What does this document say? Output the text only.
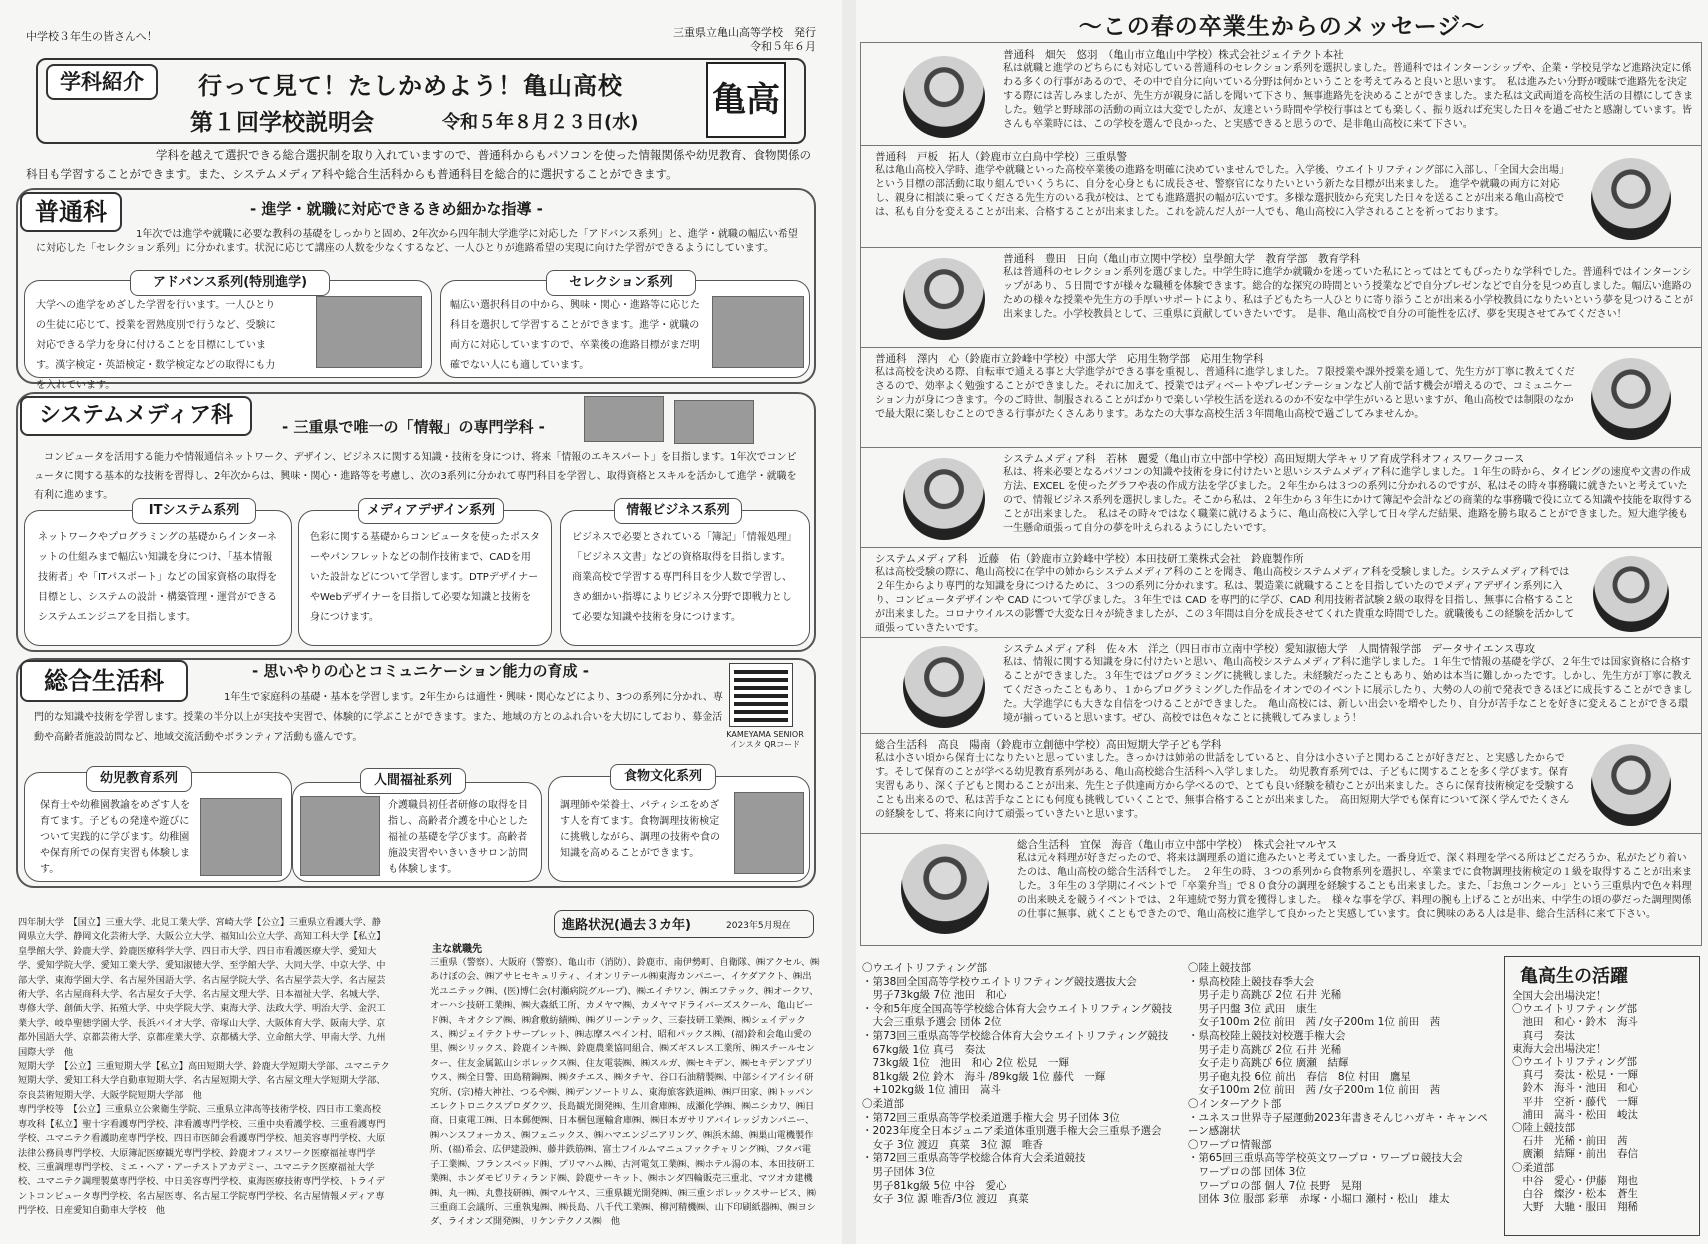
中学校３年生の皆さんへ！	三重県立亀山高等学校　発行
令和５年６月
学科紹介	行って見て！たしかめよう！亀山高校
第１回学校説明会	令和５年８月２３日(水)
亀高
学科を越えて選択できる総合選択制を取り入れていますので、普通科からもパソコンを使った情報関係や幼児教育、食物関係の科目も学習することができます。また、システムメディア科や総合生活科からも普通科目を総合的に選択することができます。
普通科	- 進学・就職に対応できるきめ細かな指導 -
1年次では進学や就職に必要な教科の基礎をしっかりと固め、2年次から四年制大学進学に対応した「アドバンス系列」と、進学・就職の幅広い希望に対応した「セレクション系列」に分かれます。状況に応じて講座の人数を少なくするなど、一人ひとりが進路希望の実現に向けた学習ができるようにしています。
アドバンス系列(特別進学)
大学への進学をめざした学習を行います。一人ひとりの生徒に応じて、授業を習熟度別で行うなど、受験に対応できる学力を身に付けることを目標にしています。漢字検定・英語検定・数学検定などの取得にも力を入れています。
セレクション系列
幅広い選択科目の中から、興味・関心・進路等に応じた科目を選択して学習することができます。進学・就職の両方に対応していますので、卒業後の進路目標がまだ明確でない人にも適しています。
システムメディア科	- 三重県で唯一の「情報」の専門学科 -
コンピュータを活用する能力や情報通信ネットワーク、デザイン、ビジネスに関する知識・技術を身につけ、将来「情報のエキスパート」を目指します。1年次でコンピュータに関する基本的な技術を習得し、2年次からは、興味・関心・進路等を考慮し、次の3系列に分かれて専門科目を学習し、取得資格とスキルを活かして進学・就職を有利に進めます。
ITシステム系列
ネットワークやプログラミングの基礎からインターネットの仕組みまで幅広い知識を身につけ、「基本情報技術者」や「ITパスポート」などの国家資格の取得を目標とし、システムの設計・構築管理・運営ができるシステムエンジニアを目指します。
メディアデザイン系列
色彩に関する基礎からコンピュータを使ったポスターやパンフレットなどの制作技術まで、CADを用いた設計などについて学習します。DTPデザイナーやWebデザイナーを目指して必要な知識と技術を身につけます。
情報ビジネス系列
ビジネスで必要とされている「簿記」「情報処理」「ビジネス文書」などの資格取得を目指します。商業高校で学習する専門科目を少人数で学習し、きめ細かい指導によりビジネス分野で即戦力として必要な知識や技術を身につけます。
総合生活科	- 思いやりの心とコミュニケーション能力の育成 -
1年生で家庭科の基礎・基本を学習します。2年生からは適性・興味・関心などにより、3つの系列に分かれ、専門的な知識や技術を学習します。授業の半分以上が実技や実習で、体験的に学ぶことができます。また、地域の方とのふれ合いを大切にしており、募金活動や高齢者施設訪問など、地域交流活動やボランティア活動も盛んです。	KAMEYAMA SENIOR
インスタ QRコード
幼児教育系列
保育士や幼稚園教諭をめざす人を育てます。子どもの発達や遊びについて実践的に学びます。幼稚園や保育所での保育実習も体験します。
人間福祉系列
介護職員初任者研修の取得を目指し、高齢者介護を中心とした福祉の基礎を学びます。高齢者施設実習やいきいきサロン訪問も体験します。
食物文化系列
調理師や栄養士、パティシエをめざす人を育てます。食物調理技術検定に挑戦しながら、調理の技術や食の知識を高めることができます。
四年制大学　【国立】三重大学、北見工業大学、宮崎大学【公立】三重県立看護大学、静岡県立大学、静岡文化芸術大学、大阪公立大学、福知山公立大学、高知工科大学【私立】皇學館大学、鈴鹿大学、鈴鹿医療科学大学、四日市大学、四日市看護医療大学、愛知大学、愛知学院大学、愛知工業大学、愛知淑徳大学、至学館大学、大同大学、中京大学、中部大学、東海学園大学、名古屋外国語大学、名古屋学院大学、名古屋学芸大学、名古屋芸術大学、名古屋商科大学、名古屋女子大学、名古屋文理大学、日本福祉大学、名城大学、専修大学、創価大学、拓殖大学、中央学院大学、東海大学、法政大学、明治大学、金沢工業大学、岐阜聖徳学園大学、長浜バイオ大学、帝塚山大学、大阪体育大学、阪南大学、京都外国語大学、京都芸術大学、京都産業大学、京都橘大学、立命館大学、甲南大学、九州国際大学　他
短期大学　【公立】三重短期大学【私立】高田短期大学、鈴鹿大学短期大学部、ユマニテク短期大学、愛知工科大学自動車短期大学、名古屋短期大学、名古屋文理大学短期大学部、奈良芸術短期大学、大阪学院短期大学部　他
専門学校等　【公立】三重県立公衆衛生学院、三重県立津高等技術学校、四日市工業高校専攻科【私立】聖十字看護専門学校、津看護専門学校、三重中央看護学校、三重看護専門学校、ユマニテク看護助産専門学校、四日市医師会看護専門学校、旭美容専門学校、大原法律公務員専門学校、大原簿記医療観光専門学校、鈴鹿オフィスワーク医療福祉専門学校、三重調理専門学校、ミエ・ヘア・アーチストアカデミー、ユマニテク医療福祉大学校、ユマニテク調理製菓専門学校、中日美容専門学校、東海医療技術専門学校、トライデントコンピュータ専門学校、名古屋医専、名古屋工学院専門学校、名古屋情報メディア専門学校、日産愛知自動車大学校　他
進路状況(過去３カ年)	2023年5月現在
主な就職先
三重県（警察）、大阪府（警察）、亀山市（消防）、鈴鹿市、南伊勢町、自衛隊、㈱アクセル、㈱あけぼの会、㈱アサヒセキュリティ、イオンリテール㈱東海カンパニー、イケダアクト、㈱出光ユニテック㈱、(医)博仁会(村瀬病院グループ)、㈱エイチワン、㈱エフテック、㈱オークワ、オーハシ技研工業㈱、㈱大森紙工所、カメヤマ㈱、カメヤマドライバーズスクール、亀山ビード㈱、キオクシア㈱、㈱倉敷紡績㈱、㈱グリーンテック、三泰技研工業㈱、㈱シェイデックス、㈱ジェイテクトサーブレット、㈱志摩スペイン村、昭和パックス㈱、(福)鈴和会亀山愛の里、㈱シリックス、鈴鹿インキ㈱、鈴鹿農業協同組合、㈱ズギスレス工業所、㈱スチールセンター、住友金属鉱山シポレックス㈱、住友電装㈱、㈱スルガ、㈱セキデン、㈱セキデンアプリウス、㈱全日警、田島精鋼㈱、㈱タチエス、㈱タチヤ、谷口石油精製㈱、中部シイアイシイ研究所、(宗)椿大神社、つるや㈱、㈱デンソートリム、東海旅客鉄道㈱、㈱戸田家、㈱トッパンエレクトロニクスプロダクツ、長島観光開発㈱、生川倉庫㈱、成瀬化学㈱、㈱ニシカワ、㈱日商、日東電工㈱、日本郵便㈱、日本梱包運輸倉庫㈱、㈱日本ガサリアバイレッジカンパニー、㈱ハンスフォーカス、㈱フェニックス、㈱ハマエンジニアリング、㈱浜木綿、㈱巣山電機製作所、(福)希会、広伊建設㈱、藤井鉄筋㈱、富士フイルムマニュファクチャリング㈱、フタバ電子工業㈱、フランスベッド㈱、プリマハム㈱、古河電気工業㈱、㈱ホテル湯の本、本田技研工業㈱、ホンダモビリティランド㈱、鈴鹿サーキット、㈱ホンダ四輪販売三重北、マツオカ建機㈱、丸一㈱、丸豊技研㈱、㈱マルヤス、三重県観光開発㈱、㈱三重シポレックスサービス、㈱三重商工会議所、三重執鬼㈱、㈱長島、八千代工業㈱、柳河精機㈱、山下印刷紙器㈱、㈱ヨシダ、ライオンズ開発㈱、リケンテクノス㈱　他
〜この春の卒業生からのメッセージ〜
普通科　畑矢　悠羽　（亀山市立亀山中学校）株式会社ジェイテクト本社
私は就職と進学のどちらにも対応している普通科のセレクション系列を選択しました。普通科ではインターンシップや、企業・学校見学など進路決定に係わる多くの行事があるので、その中で自分に向いている分野は何かということを考えてみると良いと思います。　私は進みたい分野が曖昧で進路先を決定する際には苦しみましたが、先生方が親身に話しを聞いて下さり、無事進路先を決めることができました。また私は文武両道を高校生活の目標にしてきました。勉学と野球部の活動の両立は大変でしたが、友達という時間や学校行事はとても楽しく、振り返れば充実した日々を過ごせたと感謝しています。皆さんも卒業時には、この学校を選んで良かった、と実感できると思うので、是非亀山高校に来て下さい。
普通科　戸板　拓人（鈴鹿市立白鳥中学校）三重県警
私は亀山高校入学時、進学や就職といった高校卒業後の進路を明確に決めていませんでした。入学後、ウエイトリフティング部に入部し、「全国大会出場」という目標の部活動に取り組んでいくうちに、自分を心身ともに成長させ、警察官になりたいという新たな目標が出来ました。　進学や就職の両方に対応し、親身に相談に乗ってくださる先生方のいる我が校は、とても進路選択の幅が広いです。多様な選択肢から充実した日々を送ることが出来る亀山高校では、私も自分を変えることが出来、合格することが出来ました。これを読んだ人が一人でも、亀山高校に入学されることを祈っております。
普通科　豊田　日向（亀山市立関中学校）皇學館大学　教育学部　教育学科
私は普通科のセレクション系列を選びました。中学生時に進学か就職かを迷っていた私にとってはとてもぴったりな学科でした。普通科ではインターンシップがあり、５日間ですが様々な職種を体験できます。総合的な探究の時間という授業などで自分プレゼンなどで自分を見つめ直しました。幅広い進路のための様々な授業や先生方の手厚いサポートにより、私は子どもたち一人ひとりに寄り添うことが出来る小学校教員になりたいという夢を見つけることが出来ました。小学校教員として、三重県に貢献していきたいです。　是非、亀山高校で自分の可能性を広げ、夢を実現させてみてください！
普通科　澤内　心（鈴鹿市立鈴峰中学校）中部大学　応用生物学部　応用生物学科
私は高校を決める際、自転車で通える事と大学進学ができる事を重視し、普通科に進学しました。７限授業や課外授業を通して、先生方が丁寧に教えてくださるので、効率よく勉強することができました。それに加えて、授業ではディベートやプレゼンテーションなど人前で話す機会が増えるので、コミュニケーション力が身につきます。今のご時世、制服されることがばかりで楽しい学校生活を送れるのか不安な中学生がいると思いますが、亀山高校では制限のなかで最大限に楽しむことのできる行事がたくさんあります。あなたの大事な高校生活３年間亀山高校で過ごしてみませんか。
システムメディア科　若林　麗愛（亀山市立中部中学校）高田短期大学キャリア育成学科オフィスワークコース
私は、将来必要となるパソコンの知識や技術を身に付けたいと思いシステムメディア科に進学しました。１年生の時から、タイピングの速度や文書の作成方法、EXCEL を使ったグラフや表の作成方法を学びました。２年生からは３つの系列に分かれるのですが、私はその時々事務職に就きたいと考えていたので、情報ビジネス系列を選択しました。そこから私は、２年生から３年生にかけて簿記や会計などの商業的な事務職で役に立てる知識や技能を取得することが出来ました。　私はその時々ではなく職業に就けるように、亀山高校に入学して日々学んだ結果、進路を勝ち取ることができました。短大進学後も一生懸命頑張って自分の夢を叶えられるようにしたいです。
システムメディア科　近藤　佑（鈴鹿市立鈴峰中学校）本田技研工業株式会社　鈴鹿製作所
私は高校受験の際に、亀山高校に在学中の姉からシステムメディア科のことを聞き、亀山高校システムメディア科を受験しました。システムメディア科では２年生からより専門的な知識を身につけるために、３つの系列に分かれます。私は、製造業に就職することを目指していたのでメディアデザイン系列に入り、コンピュータデザインや CAD について学びました。３年生では CAD を専門的に学び、CAD 利用技術者試験２級の取得を目指し、無事に合格することが出来ました。コロナウイルスの影響で大変な日々が続きましたが、この３年間は自分を成長させてくれた貴重な時間でした。就職後もこの経験を活かして頑張っていきたいです。
システムメディア科　佐々木　洋之（四日市市立南中学校）愛知淑徳大学　人間情報学部　データサイエンス専攻
私は、情報に関する知識を身に付けたいと思い、亀山高校システムメディア科に進学しました。１年生で情報の基礎を学び、２年生では国家資格に合格することができました。３年生ではプログラミングに挑戦しました。未経験だったこともあり、始めは本当に難しかったです。しかし、先生方が丁寧に教えてくださったこともあり、１からプログラミングした作品をイオンでのイベントに展示したり、大勢の人の前で発表できるほどに成長することができました。大学進学にも大きな自信をつけることができました。　亀山高校には、新しい出会いを増やしたり、自分が苦手なことを好きに変えることができる環境が揃っていると思います。ぜひ、高校では色々なことに挑戦してみましょう！
総合生活科　高良　陽南（鈴鹿市立創徳中学校）高田短期大学子ども学科
私は小さい頃から保育士になりたいと思っていました。きっかけは姉弟の世話をしていると、自分は小さい子と関わることが好きだと、と実感したからです。そして保育のことが学べる幼児教育系列がある、亀山高校総合生活科へ入学しました。　幼児教育系列では、子どもに関することを多く学びます。保育実習もあり、深く子どもと関わることが出来、先生と子供達両方から学べるので、とても良い経験を積むことが出来ました。さらに保育技術検定を受験することも出来るので、私は苦手なことにも何度も挑戦していくことで、無事合格することが出来ました。　高田短期大学でも保育について深く学んでたくさんの経験をして、将来に向けて頑張っていきたいと思います。
総合生活科　宜保　海音（亀山市立中部中学校）　株式会社マルヤス
私は元々料理が好きだったので、将来は調理系の道に進みたいと考えていました。一番身近で、深く料理を学べる所はどこだろうか、私がたどり着いたのは、亀山高校の総合生活科でした。　２年生の時、３つの系列から食物系列を選択し、卒業までに食物調理技術検定の１級を取得することが出来ました。３年生の３学期にイベントで「卒業弁当」で８０食分の調理を経験することも出来ました。また、「お魚コンクール」という三重県内で色々料理の出来映えを競うイベントでは、２年連続で努力賞を獲得しました。　様々な事を学び、料理の腕も上げることが出来、中学生の頃の夢だった調理関係の仕事に無事、就くこともできたので、亀山高校に進学して良かったと実感しています。食に興味のある人は是非、総合生活科に来て下さい。
〇ウエイトリフティング部
・第38回全国高等学校ウエイトリフティング競技選抜大会
　男子73kg級 7位 池田　和心
・令和5年度全国高等学校総合体育大会ウエイトリフティング競技
　大会三重県予選会 団体 2位
・第73回三重県高等学校総合体育大会ウエイトリフティング競技
　67kg級 1位 真弓　奏汰
　73kg級 1位　池田　和心 2位 松見　一輝
　81kg級 2位 鈴木　海斗 /89kg級 1位 藤代　一輝
　+102kg級 1位 浦田　嵩斗
〇柔道部
・第72回三重県高等学校柔道選手権大会 男子団体 3位
・2023年度全日本ジュニア柔道体重別選手権大会三重県予選会
　女子 3位 渡辺　真菜　3位 源　唯香
・第72回三重県高等学校総合体育大会柔道競技
　男子団体 3位
　男子81kg級 5位 中谷　愛心
　女子 3位 源 唯香/3位 渡辺　真菜
〇陸上競技部
・県高校陸上競技春季大会
　男子走り高跳び 2位 石井 光稀
　男子円盤 3位 武田　康生
　女子100ｍ 2位 前田　茜 /女子200ｍ 1位 前田　茜
・県高校陸上競技対校選手権大会
　男子走り高跳び 2位 石井 光稀
　女子走り高跳び 6位 廣瀬　結輝
　男子砲丸投 6位 前出　春信　8位 村田　鷹星
　女子100ｍ 2位 前田　茜 /女子200ｍ 1位 前田　茜
〇インターアクト部
・ユネスコ世界寺子屋運動2023年書きそんじハガキ・キャンペーン感謝状
〇ワープロ情報部
・第65回三重県高等学校英文ワープロ・ワープロ競技大会
　ワープロの部 団体 3位
　ワープロの部 個人 7位 長野　晃翔
　団体 3位 服部 彩華　赤塚・小堀口 瀬村・松山　雄太
亀高生の活躍
全国大会出場決定！
〇ウエイトリフティング部
　池田　和心・鈴木　海斗
　真弓　奏汰
東海大会出場決定！
〇ウエイトリフティング部
　真弓　奏汰・松見・一輝
　鈴木　海斗・池田　和心
　平井　空祈・藤代　一輝
　浦田　嵩斗・松田　峻汰
〇陸上競技部
　石井　光稀・前田　茜
　廣瀬　結輝・前出　春信
〇柔道部
　中谷　愛心・伊藤　翔也
　白谷　燦汐・松本　蒼生
　大野　大馳・服田　翔稀
